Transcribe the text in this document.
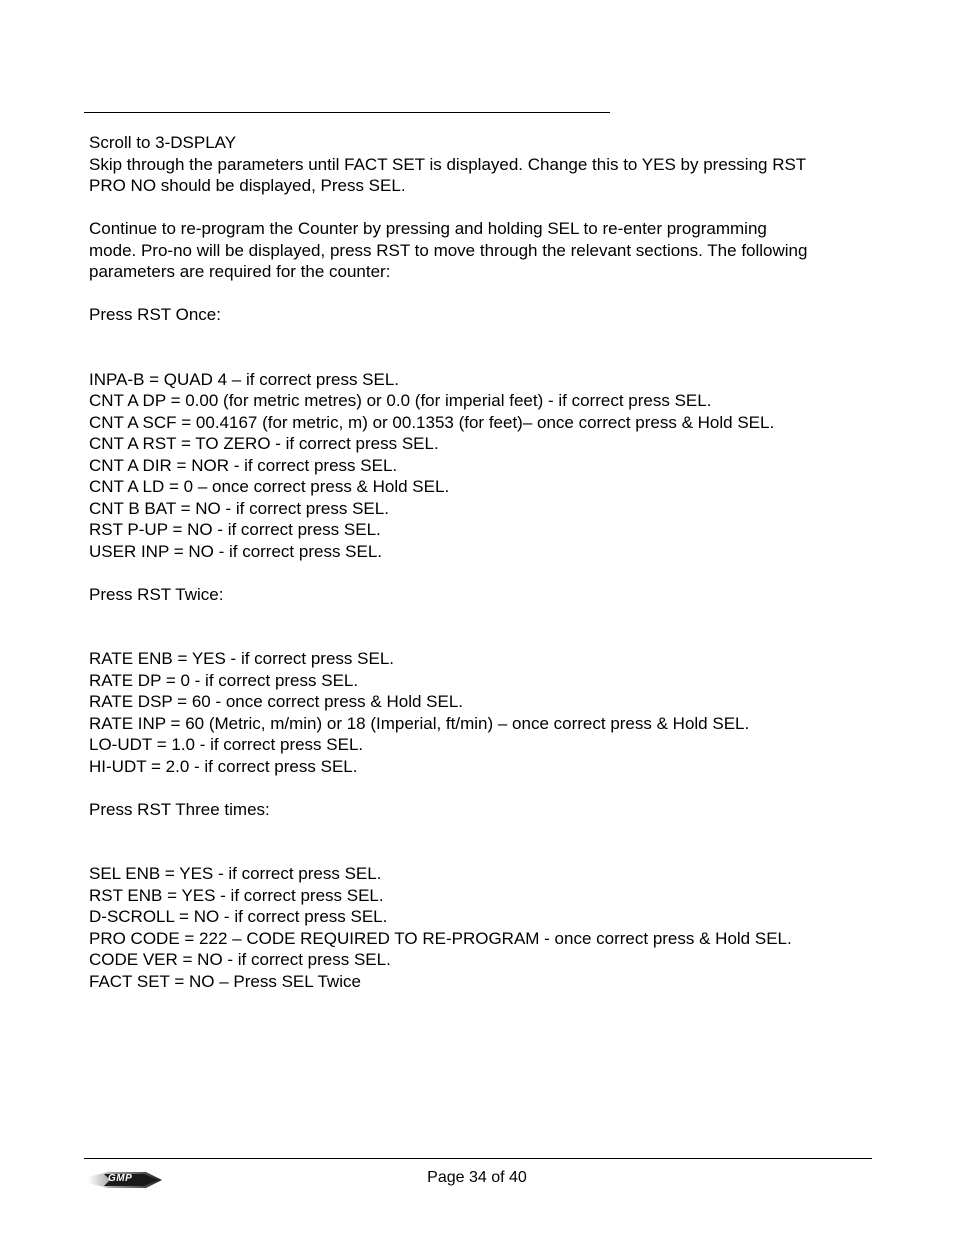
Scroll to 3-DSPLAY
Skip through the parameters until FACT SET is displayed. Change this to YES by pressing RST
PRO NO should be displayed, Press SEL.
Continue to re-program the Counter by pressing and holding SEL to re-enter programming
mode. Pro-no will be displayed, press RST to move through the relevant sections. The following
parameters are required for the counter:
Press RST Once:
INPA-B = QUAD 4 – if correct press SEL.
CNT A DP = 0.00 (for metric metres) or 0.0 (for imperial feet) - if correct press SEL.
CNT A SCF = 00.4167 (for metric, m) or 00.1353 (for feet)– once correct press & Hold SEL.
CNT A RST = TO ZERO - if correct press SEL.
CNT A DIR = NOR - if correct press SEL.
CNT A LD = 0 – once correct press & Hold SEL.
CNT B BAT = NO - if correct press SEL.
RST P-UP = NO - if correct press SEL.
USER INP = NO - if correct press SEL.
Press RST Twice:
RATE ENB = YES - if correct press SEL.
RATE DP = 0 - if correct press SEL.
RATE DSP = 60 - once correct press & Hold SEL.
RATE INP = 60 (Metric, m/min) or 18 (Imperial, ft/min) – once correct press & Hold SEL.
LO-UDT = 1.0 - if correct press SEL.
HI-UDT = 2.0 - if correct press SEL.
Press RST Three times:
SEL ENB = YES - if correct press SEL.
RST ENB = YES - if correct press SEL.
D-SCROLL = NO - if correct press SEL.
PRO CODE = 222 – CODE REQUIRED TO RE-PROGRAM - once correct press & Hold SEL.
CODE VER = NO - if correct press SEL.
FACT SET = NO – Press SEL Twice
GMP	Page 34 of 40
